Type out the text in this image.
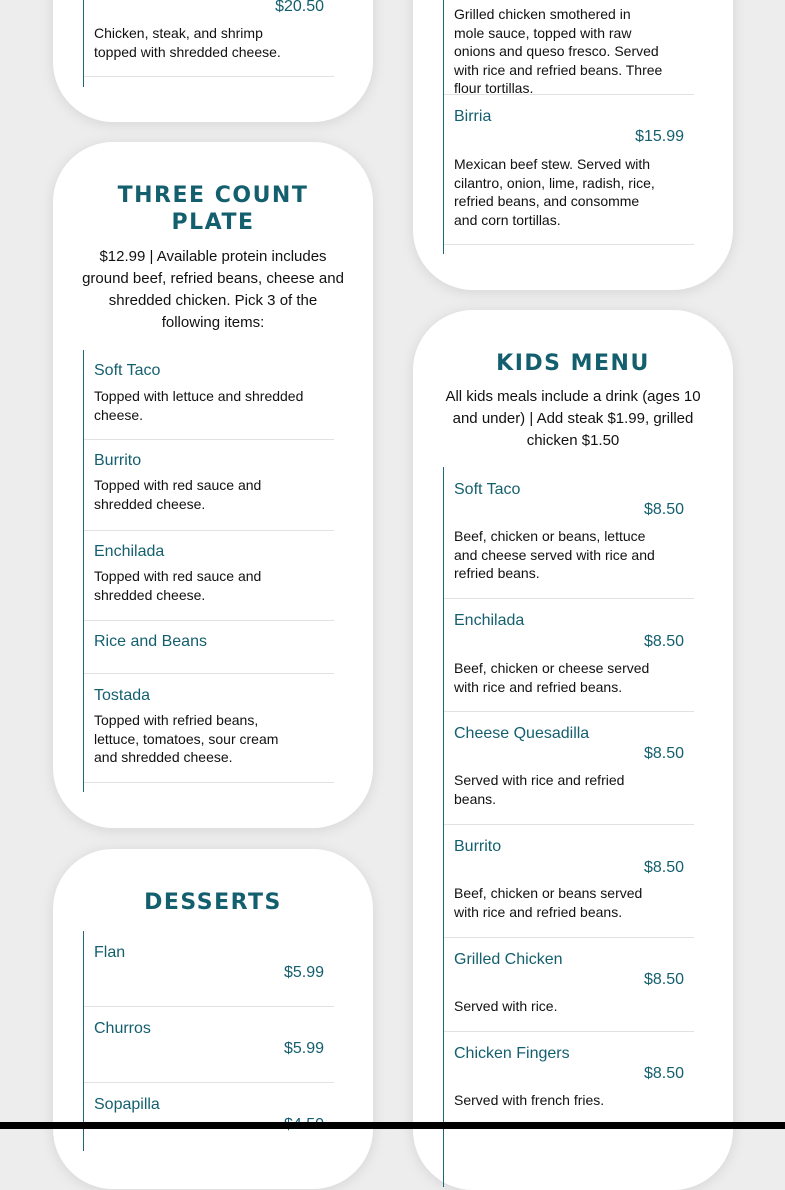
$20.50
Chicken, steak, and shrimp topped with shredded cheese.
THREE COUNT PLATE
$12.99 | Available protein includes ground beef, refried beans, cheese and shredded chicken. Pick 3 of the following items:
Soft Taco
Topped with lettuce and shredded cheese.
Burrito
Topped with red sauce and shredded cheese.
Enchilada
Topped with red sauce and shredded cheese.
Rice and Beans
Tostada
Topped with refried beans, lettuce, tomatoes, sour cream and shredded cheese.
DESSERTS
Flan
$5.99
Churros
$5.99
Sopapilla
Grilled chicken smothered in mole sauce, topped with raw onions and queso fresco. Served with rice and refried beans. Three flour tortillas.
Birria
$15.99
Mexican beef stew. Served with cilantro, onion, lime, radish, rice, refried beans, and consomme and corn tortillas.
KIDS MENU
All kids meals include a drink (ages 10 and under) | Add steak $1.99, grilled chicken $1.50
Soft Taco
$8.50
Beef, chicken or beans, lettuce and cheese served with rice and refried beans.
Enchilada
$8.50
Beef, chicken or cheese served with rice and refried beans.
Cheese Quesadilla
$8.50
Served with rice and refried beans.
Burrito
$8.50
Beef, chicken or beans served with rice and refried beans.
Grilled Chicken
$8.50
Served with rice.
Chicken Fingers
$8.50
Served with french fries.
